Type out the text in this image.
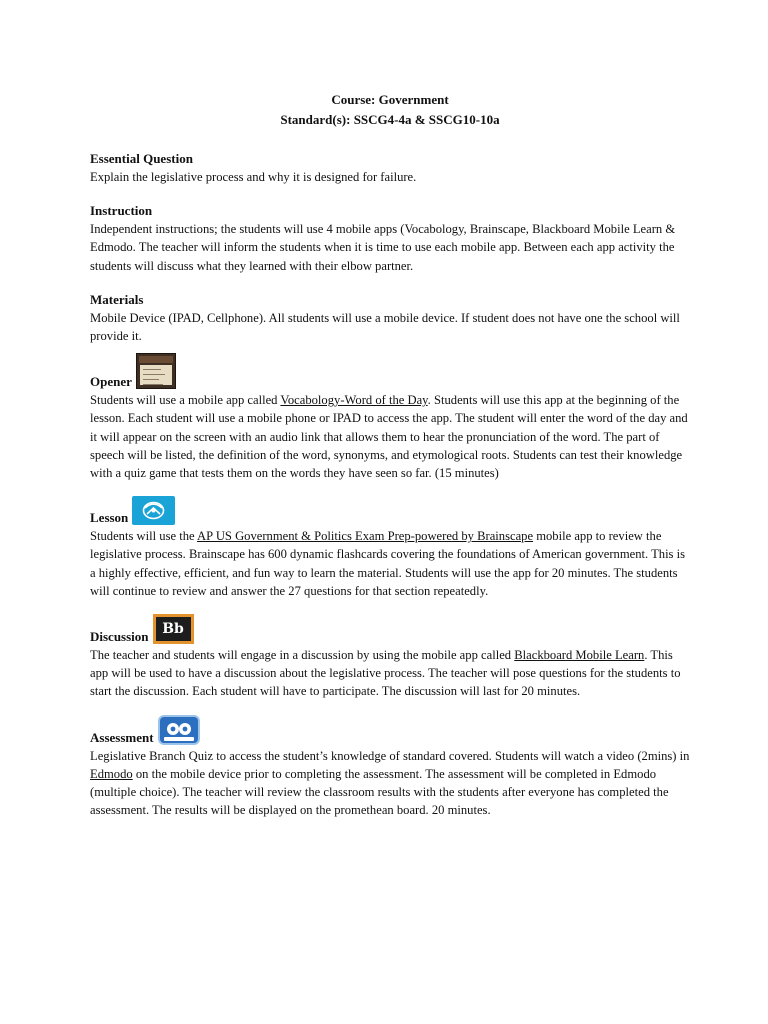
Course: Government
Standard(s): SSCG4-4a & SSCG10-10a
Essential Question

Explain the legislative process and why it is designed for failure.

Instruction

Independent instructions; the students will use 4 mobile apps (Vocabology, Brainscape, Blackboard Mobile Learn & Edmodo. The teacher will inform the students when it is time to use each mobile app. Between each app activity the students will discuss what they learned with their elbow partner.

Materials

Mobile Device (IPAD, Cellphone). All students will use a mobile device. If student does not have one the school will provide it.

Opener

Students will use a mobile app called Vocabology-Word of the Day. Students will use this app at the beginning of the lesson. Each student will use a mobile phone or IPAD to access the app. The student will enter the word of the day and it will appear on the screen with an audio link that allows them to hear the pronunciation of the word. The part of speech will be listed, the definition of the word, synonyms, and etymological roots. Students can test their knowledge with a quiz game that tests them on the words they have seen so far. (15 minutes)

Lesson

Students will use the AP US Government & Politics Exam Prep-powered by Brainscape mobile app to review the legislative process. Brainscape has 600 dynamic flashcards covering the foundations of American government. This is a highly effective, efficient, and fun way to learn the material. Students will use the app for 20 minutes. The students will continue to review and answer the 27 questions for that section repeatedly.

Discussion Bb

The teacher and students will engage in a discussion by using the mobile app called Blackboard Mobile Learn. This app will be used to have a discussion about the legislative process. The teacher will pose questions for the students to start the discussion. Each student will have to participate. The discussion will last for 20 minutes.

Assessment

Legislative Branch Quiz to access the student’s knowledge of standard covered. Students will watch a video (2mins) in Edmodo on the mobile device prior to completing the assessment. The assessment will be completed in Edmodo (multiple choice). The teacher will review the classroom results with the students after everyone has completed the assessment. The results will be displayed on the promethean board. 20 minutes.
